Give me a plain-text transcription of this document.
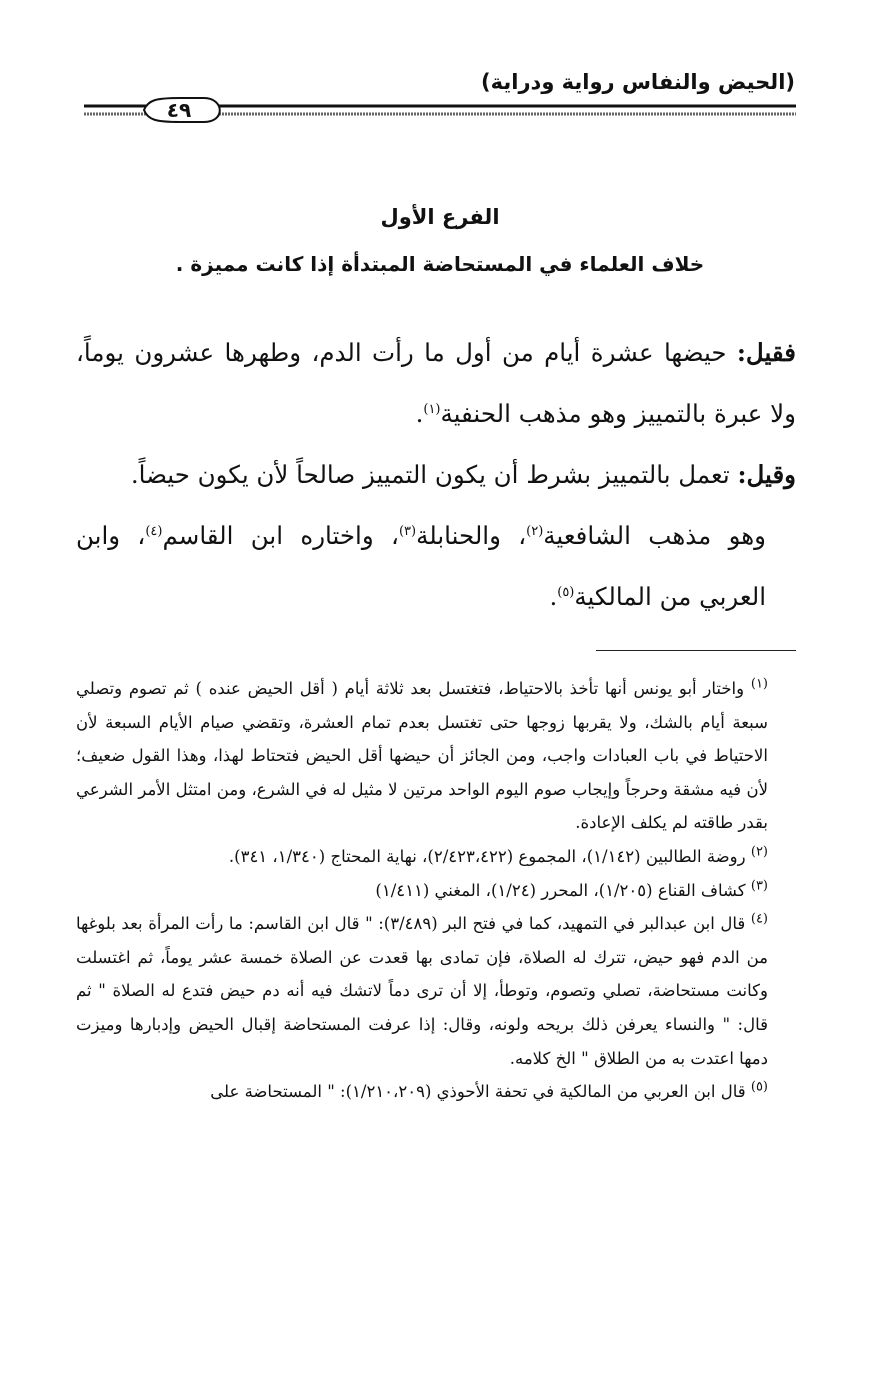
(الحيض والنفاس رواية ودراية)
٤٩
الفرع الأول
خلاف العلماء في المستحاضة المبتدأة إذا كانت مميزة .

فقيل: حيضها عشرة أيام من أول ما رأت الدم، وطهرها عشرون يوماً، ولا عبرة بالتمييز وهو مذهب الحنفية$^{(١)}$.

وقيل: تعمل بالتمييز بشرط أن يكون التمييز صالحاً لأن يكون حيضاً.

وهو مذهب الشافعية$^{(٢)}$، والحنابلة$^{(٣)}$، واختاره ابن القاسم$^{(٤)}$، وابن العربي من المالكية$^{(٥)}$.

$^{(١)}$ واختار أبو يونس أنها تأخذ بالاحتياط، فتغتسل بعد ثلاثة أيام ( أقل الحيض عنده ) ثم تصوم وتصلي سبعة أيام بالشك، ولا يقربها زوجها حتى تغتسل بعدم تمام العشرة، وتقضي صيام الأيام السبعة لأن الاحتياط في باب العبادات واجب، ومن الجائز أن حيضها أقل الحيض فتحتاط لهذا، وهذا القول ضعيف؛ لأن فيه مشقة وحرجاً وإيجاب صوم اليوم الواحد مرتين لا مثيل له في الشرع، ومن امتثل الأمر الشرعي بقدر طاقته لم يكلف الإعادة.

$^{(٢)}$ روضة الطالبين (١/١٤٢)، المجموع (٢/٤٢٣،٤٢٢)، نهاية المحتاج (١/٣٤٠، ٣٤١).

$^{(٣)}$ كشاف القناع (١/٢٠٥)، المحرر (١/٢٤)، المغني (١/٤١١)

$^{(٤)}$ قال ابن عبدالبر في التمهيد، كما في فتح البر (٣/٤٨٩): " قال ابن القاسم: ما رأت المرأة بعد بلوغها من الدم فهو حيض، تترك له الصلاة، فإن تمادى بها قعدت عن الصلاة خمسة عشر يوماً، ثم اغتسلت وكانت مستحاضة، تصلي وتصوم، وتوطأ، إلا أن ترى دماً لاتشك فيه أنه دم حيض فتدع له الصلاة " ثم قال: " والنساء يعرفن ذلك بريحه ولونه، وقال: إذا عرفت المستحاضة إقبال الحيض وإدبارها وميزت دمها اعتدت به من الطلاق " الخ كلامه.

$^{(٥)}$ قال ابن العربي من المالكية في تحفة الأحوذي (١/٢١٠،٢٠٩): " المستحاضة على
